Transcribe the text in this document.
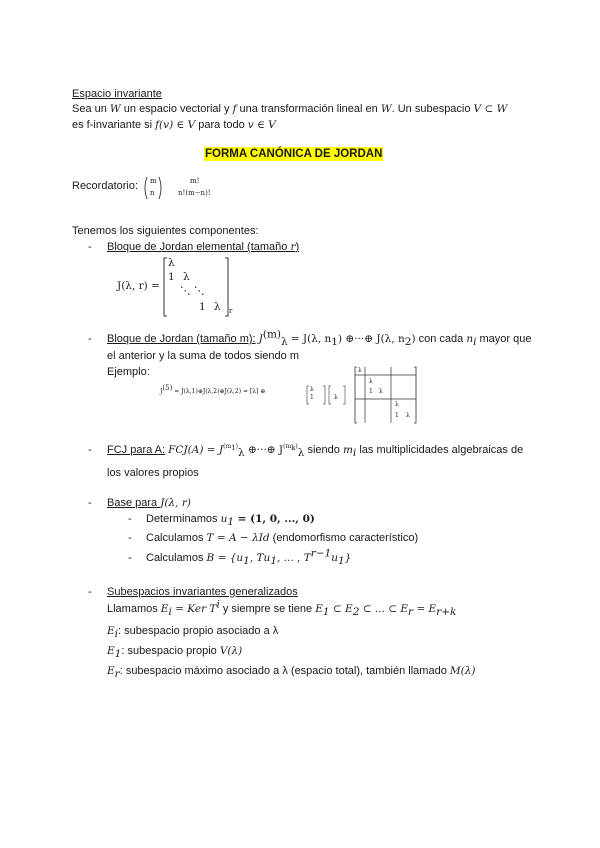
Espacio invariante
Sea un W un espacio vectorial y f una transformación lineal en W. Un subespacio V ⊂ W
es f-invariante si f(v) ∈ V para todo v ∈ V
FORMA CANÓNICA DE JORDAN
Recordatorio: m
n
m!
n!(m−n)!
Tenemos los siguientes componentes:
- Bloque de Jordan elemental (tamaño r)
J(λ, r) =
λ
1 λ
⋱ ⋱
1 λ r
- Bloque de Jordan (tamaño m): $J^{(m)}_\lambda = J(\lambda$, $n_1$) ⊕···⊕ J(λ, $n_2$) con cada $n_i$ mayor que
el anterior y la suma de todos siendo m
Ejemplo:
$J^{(5)}$ = J(λ,1)⊕J(λ,2)⊕J(λ,2) = [λ] ⊕	λ
1	λ
λ
λ
1 λ
λ
1 λ
- FCJ para A: $FCJ(A) = J^{(m_1)}_\lambda$ ⊕···⊕ $J^{(m_k)}_\lambda$ siendo $m_i$ las multiplicidades algebraicas de
los valores propios
- Base para J(λ, r)
- Determinamos $u_1 = (1$, 0, ..., 0)
- Calculamos T = A − λId (endomorfismo característico)
- Calculamos $B = \{u_1$, $Tu_1$, ... , $T^{r-1}u_1$}
- Subespacios invariantes generalizados
Llamamos $E_i$ = Ker $T^i$ y siempre se tiene $E_1$ ⊂ $E_2$ ⊂ ... ⊂ $E_r = E_{r+k}$
$E_i$: subespacio propio asociado a λ
$E_1$: subespacio propio V(λ)
$E_r$: subespacio máximo asociado a λ (espacio total), también llamado M(λ)
